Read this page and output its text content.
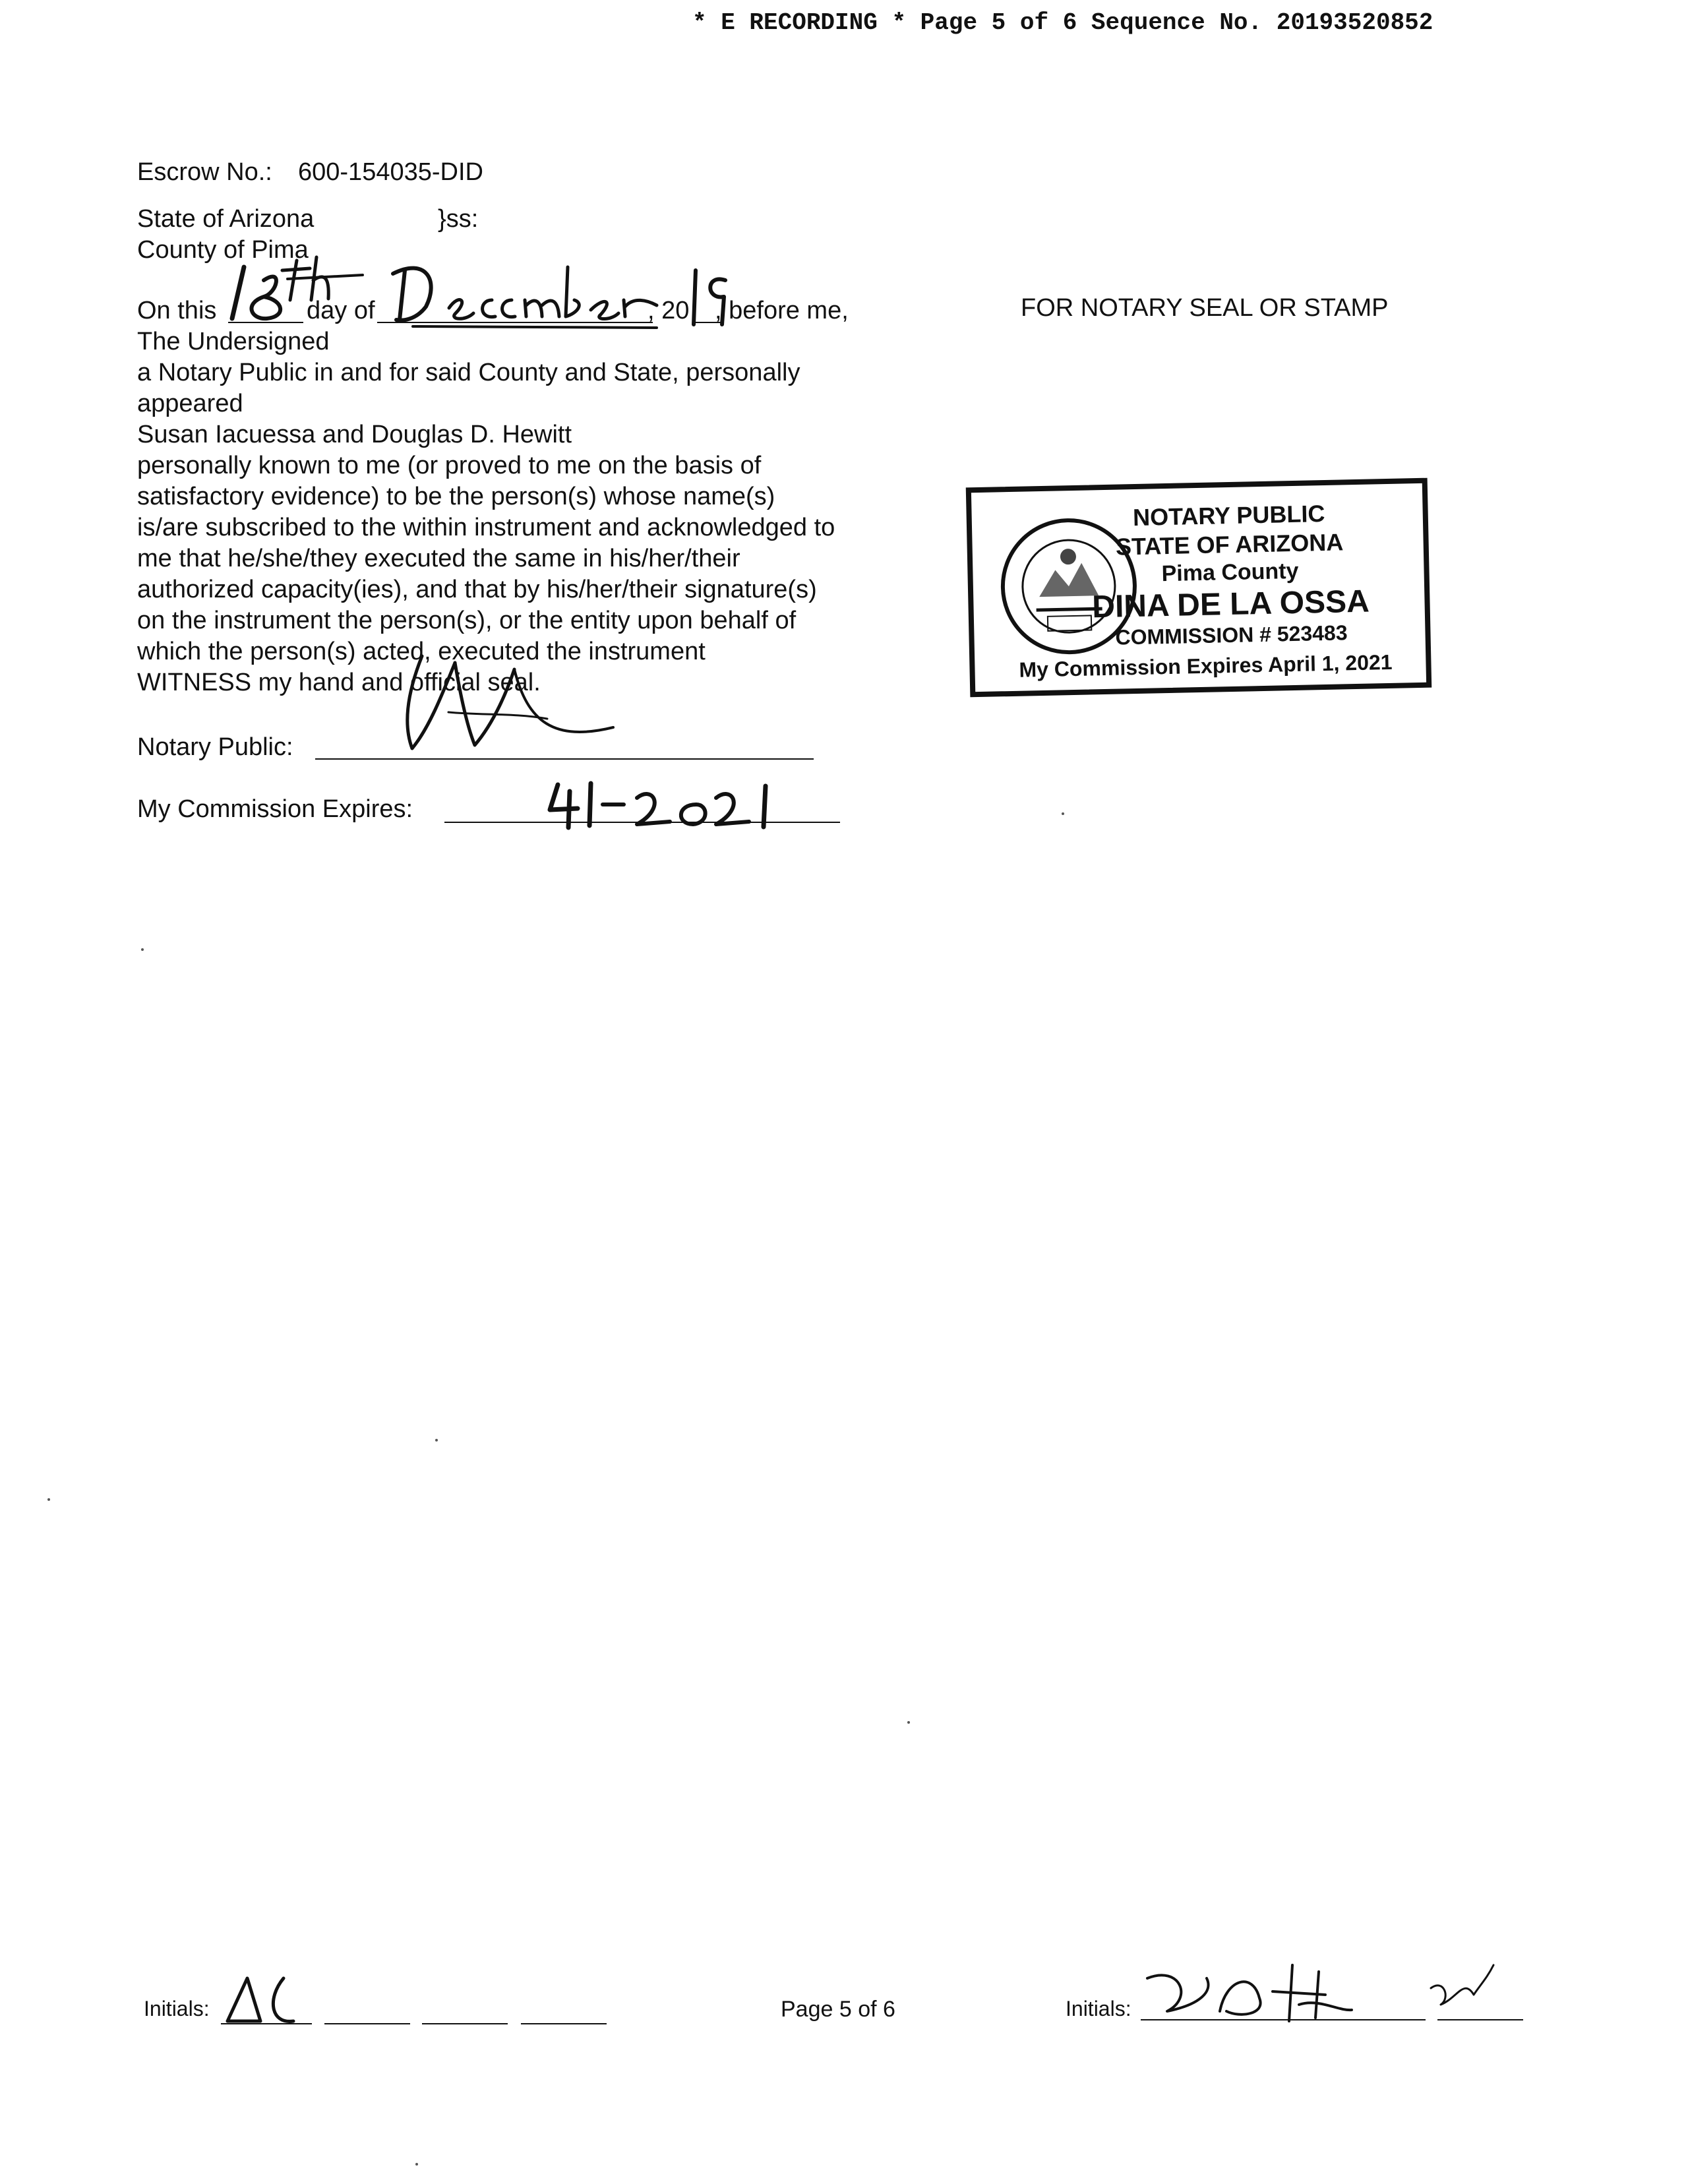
* E RECORDING * Page 5 of 6 Sequence No. 20193520852
Escrow No.: 600-154035-DID
State of Arizona	}ss:
County of Pima
On this	day of	, 20 , before me,
The Undersigned
a Notary Public in and for said County and State, personally
appeared
Susan Iacuessa and Douglas D. Hewitt
personally known to me (or proved to me on the basis of
satisfactory evidence) to be the person(s) whose name(s)
is/are subscribed to the within instrument and acknowledged to
me that he/she/they executed the same in his/her/their
authorized capacity(ies), and that by his/her/their signature(s)
on the instrument the person(s), or the entity upon behalf of
which the person(s) acted, executed the instrument
WITNESS my hand and official seal.
Notary Public:
My Commission Expires:
FOR NOTARY SEAL OR STAMP
NOTARY PUBLIC
STATE OF ARIZONA
Pima County
DINA DE LA OSSA
COMMISSION # 523483
My Commission Expires April 1, 2021
Initials:	Page 5 of 6	Initials:
